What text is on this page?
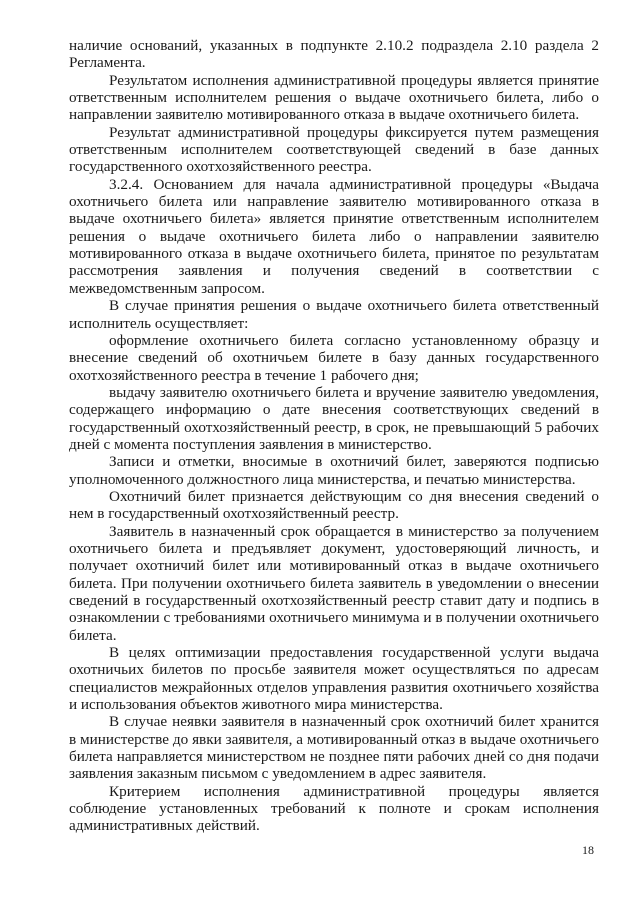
наличие оснований, указанных в подпункте 2.10.2 подраздела 2.10 раздела 2 Регламента.

Результатом исполнения административной процедуры является принятие ответственным исполнителем решения о выдаче охотничьего билета, либо о направлении заявителю мотивированного отказа в выдаче охотничьего билета.

Результат административной процедуры фиксируется путем размещения ответственным исполнителем соответствующей сведений в базе данных государственного охотхозяйственного реестра.

3.2.4. Основанием для начала административной процедуры «Выдача охотничьего билета или направление заявителю мотивированного отказа в выдаче охотничьего билета» является принятие ответственным исполнителем решения о выдаче охотничьего билета либо о направлении заявителю мотивированного отказа в выдаче охотничьего билета, принятое по результатам рассмотрения заявления и получения сведений в соответствии с межведомственным запросом.

В случае принятия решения о выдаче охотничьего билета ответственный исполнитель осуществляет:

оформление охотничьего билета согласно установленному образцу и внесение сведений об охотничьем билете в базу данных государственного охотхозяйственного реестра в течение 1 рабочего дня;

выдачу заявителю охотничьего билета и вручение заявителю уведомления, содержащего информацию о дате внесения соответствующих сведений в государственный охотхозяйственный реестр, в срок, не превышающий 5 рабочих дней с момента поступления заявления в министерство.

Записи и отметки, вносимые в охотничий билет, заверяются подписью уполномоченного должностного лица министерства, и печатью министерства.

Охотничий билет признается действующим со дня внесения сведений о нем в государственный охотхозяйственный реестр.

Заявитель в назначенный срок обращается в министерство за получением охотничьего билета и предъявляет документ, удостоверяющий личность, и получает охотничий билет или мотивированный отказ в выдаче охотничьего билета. При получении охотничьего билета заявитель в уведомлении о внесении сведений в государственный охотхозяйственный реестр ставит дату и подпись в ознакомлении с требованиями охотничьего минимума и в получении охотничьего билета.

В целях оптимизации предоставления государственной услуги выдача охотничьих билетов по просьбе заявителя может осуществляться по адресам специалистов межрайонных отделов управления развития охотничьего хозяйства и использования объектов животного мира министерства.

В случае неявки заявителя в назначенный срок охотничий билет хранится в министерстве до явки заявителя, а мотивированный отказ в выдаче охотничьего билета направляется министерством не позднее пяти рабочих дней со дня подачи заявления заказным письмом с уведомлением в адрес заявителя.

Критерием исполнения административной процедуры является соблюдение установленных требований к полноте и срокам исполнения административных действий.

18
